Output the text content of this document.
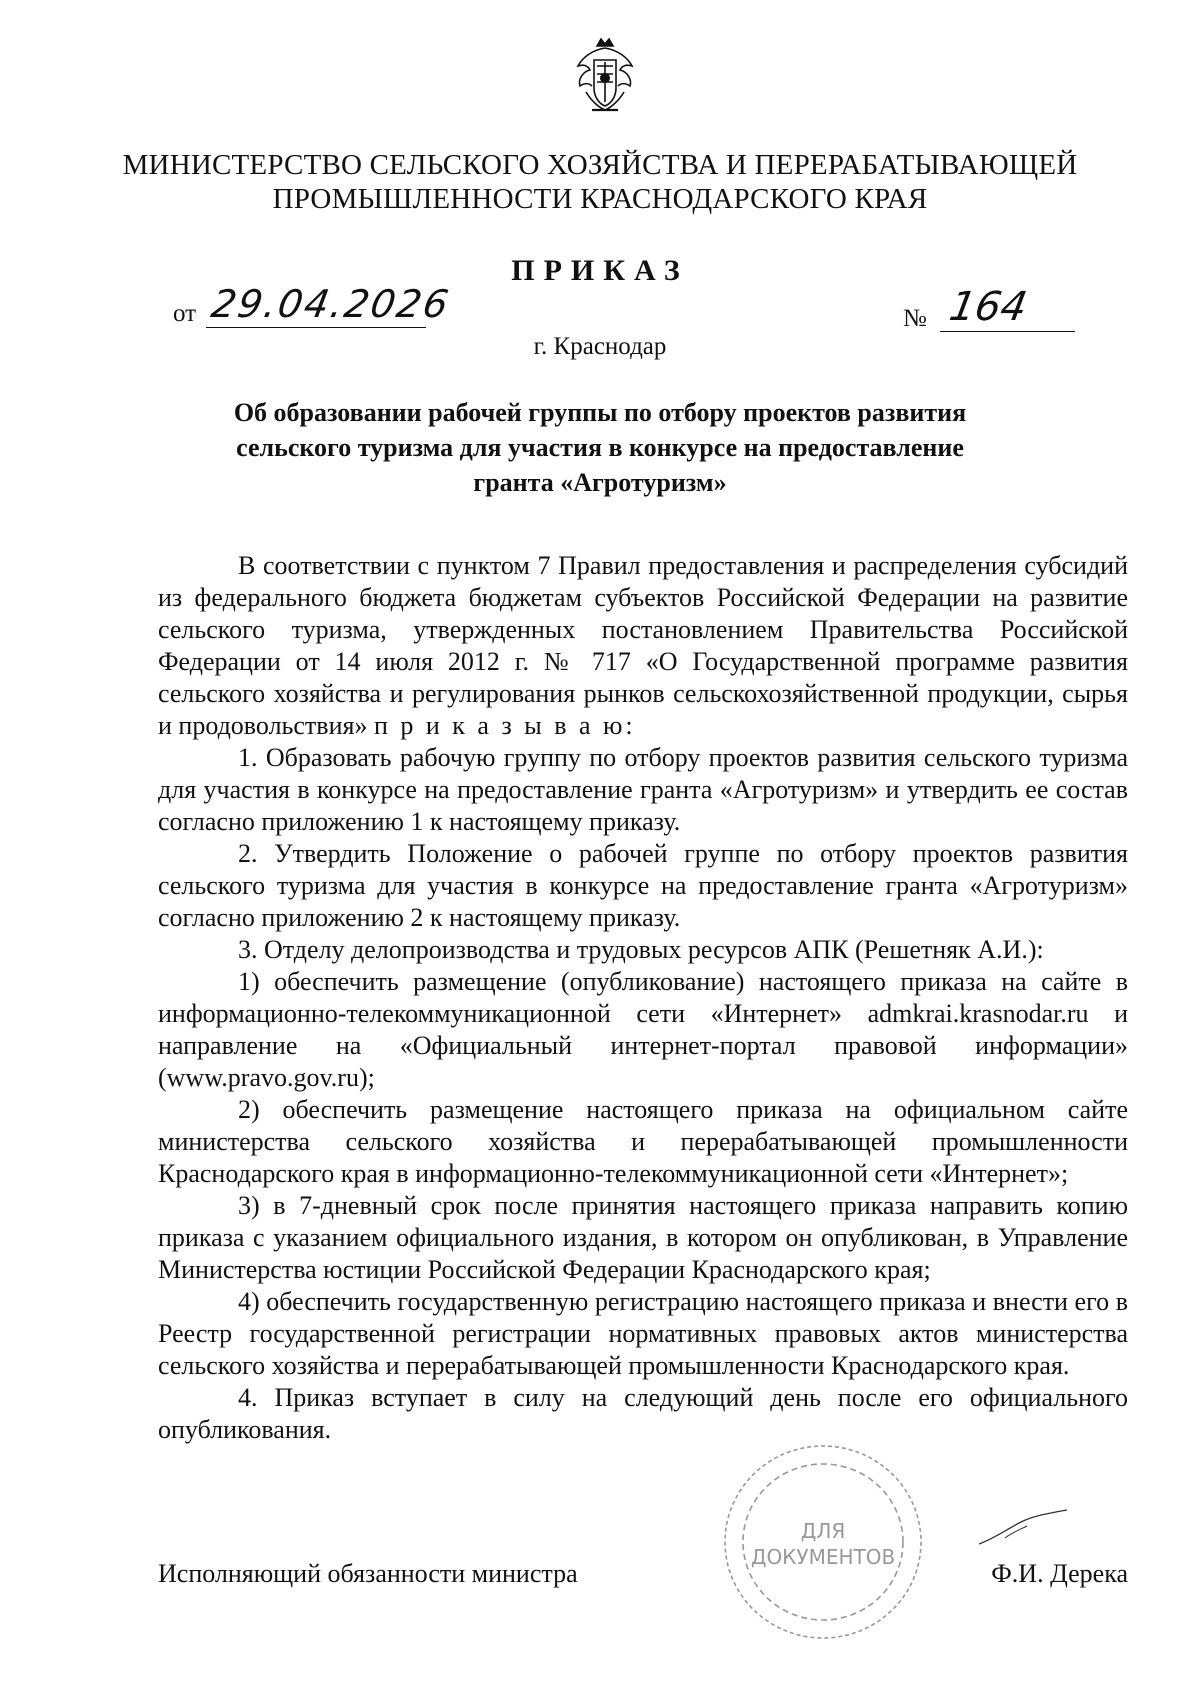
МИНИСТЕРСТВО СЕЛЬСКОГО ХОЗЯЙСТВА И ПЕРЕРАБАТЫВАЮЩЕЙ
ПРОМЫШЛЕННОСТИ КРАСНОДАРСКОГО КРАЯ
ПРИКАЗ
от 29.04.2026	№ 164
г. Краснодар
Об образовании рабочей группы по отбору проектов развития
сельского туризма для участия в конкурсе на предоставление
гранта «Агротуризм»

В соответствии с пунктом 7 Правил предоставления и распределения субсидий из федерального бюджета бюджетам субъектов Российской Федерации на развитие сельского туризма, утвержденных постановлением Правительства Российской Федерации от 14 июля 2012 г. № 717 «О Государственной программе развития сельского хозяйства и регулирования рынков сельскохозяйственной продукции, сырья и продовольствия» п р и к а з ы в а ю:

1. Образовать рабочую группу по отбору проектов развития сельского туризма для участия в конкурсе на предоставление гранта «Агротуризм» и утвердить ее состав согласно приложению 1 к настоящему приказу.

2. Утвердить Положение о рабочей группе по отбору проектов развития сельского туризма для участия в конкурсе на предоставление гранта «Агротуризм» согласно приложению 2 к настоящему приказу.

3. Отделу делопроизводства и трудовых ресурсов АПК (Решетняк А.И.):

1) обеспечить размещение (опубликование) настоящего приказа на сайте в информационно-телекоммуникационной сети «Интернет» admkrai.krasnodar.ru и направление на «Официальный интернет-портал правовой информации» (www.pravo.gov.ru);

2) обеспечить размещение настоящего приказа на официальном сайте министерства сельского хозяйства и перерабатывающей промышленности Краснодарского края в информационно-телекоммуникационной сети «Интернет»;

3) в 7-дневный срок после принятия настоящего приказа направить копию приказа с указанием официального издания, в котором он опубликован, в Управление Министерства юстиции Российской Федерации Краснодарского края;

4) обеспечить государственную регистрацию настоящего приказа и внести его в Реестр государственной регистрации нормативных правовых актов министерства сельского хозяйства и перерабатывающей промышленности Краснодарского края.

4. Приказ вступает в силу на следующий день после его официального опубликования.

ДЛЯ
ДОКУМЕНТОВ
Исполняющий обязанности министра	Ф.И. Дерека
